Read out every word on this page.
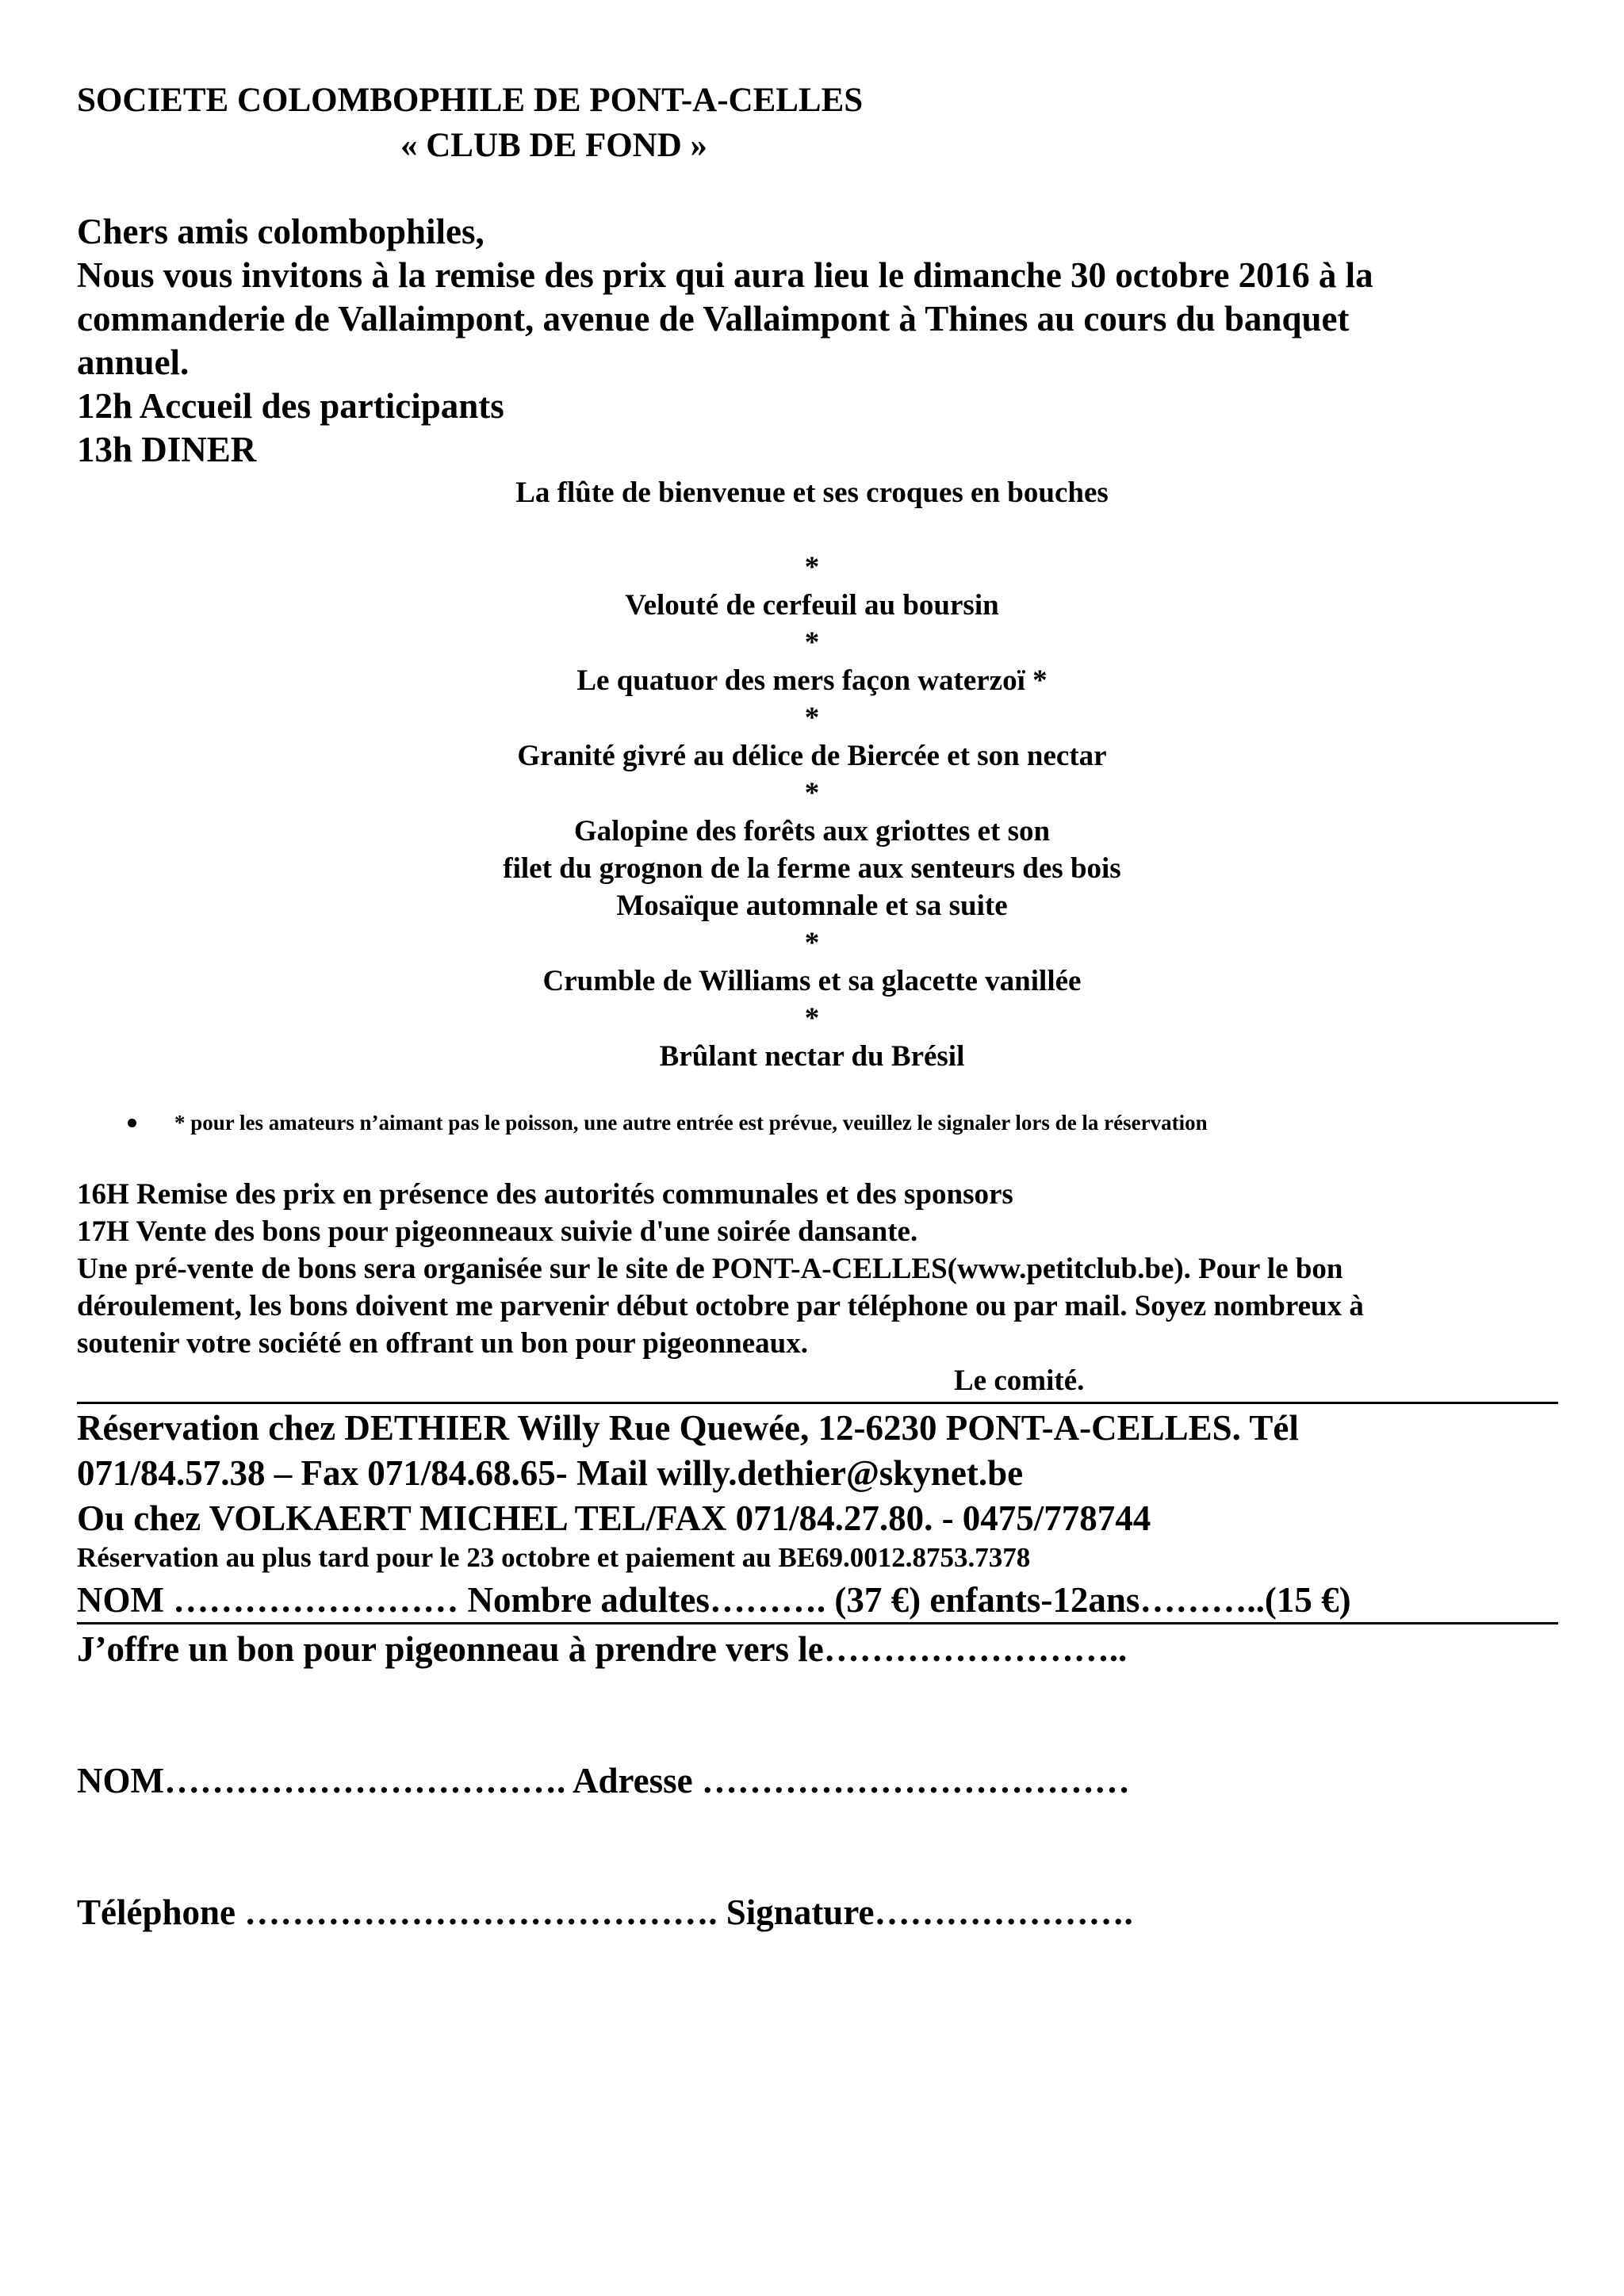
SOCIETE COLOMBOPHILE DE PONT-A-CELLES
« CLUB DE FOND »
Chers amis colombophiles,
Nous vous invitons à la remise des prix qui aura lieu le dimanche 30 octobre 2016 à la
commanderie de Vallaimpont, avenue de Vallaimpont à Thines au cours du banquet
annuel.
12h Accueil des participants
13h DINER
La flûte de bienvenue et ses croques en bouches
*
Velouté de cerfeuil au boursin
*
Le quatuor des mers façon waterzoï *
*
Granité givré au délice de Biercée et son nectar
*
Galopine des forêts aux griottes et son
filet du grognon de la ferme aux senteurs des bois
Mosaïque automnale et sa suite
*
Crumble de Williams et sa glacette vanillée
*
Brûlant nectar du Brésil
* pour les amateurs n’aimant pas le poisson, une autre entrée est prévue, veuillez le signaler lors de la réservation
16H Remise des prix en présence des autorités communales et des sponsors
17H Vente des bons pour pigeonneaux suivie d'une soirée dansante.
Une pré-vente de bons sera organisée sur le site de PONT-A-CELLES(www.petitclub.be). Pour le bon
déroulement, les bons doivent me parvenir début octobre par téléphone ou par mail. Soyez nombreux à
soutenir votre société en offrant un bon pour pigeonneaux.
Le comité.
Réservation chez DETHIER Willy Rue Quewée, 12-6230 PONT-A-CELLES. Tél
071/84.57.38 – Fax 071/84.68.65- Mail willy.dethier@skynet.be
Ou chez VOLKAERT MICHEL TEL/FAX 071/84.27.80. - 0475/778744
Réservation au plus tard pour le 23 octobre et paiement au BE69.0012.8753.7378
NOM …………………… Nombre adultes………. (37 €) enfants-12ans………..(15 €)
J’offre un bon pour pigeonneau à prendre vers le……………………..
NOM……………………………. Adresse ………………………………
Téléphone …………………………………. Signature………………….
